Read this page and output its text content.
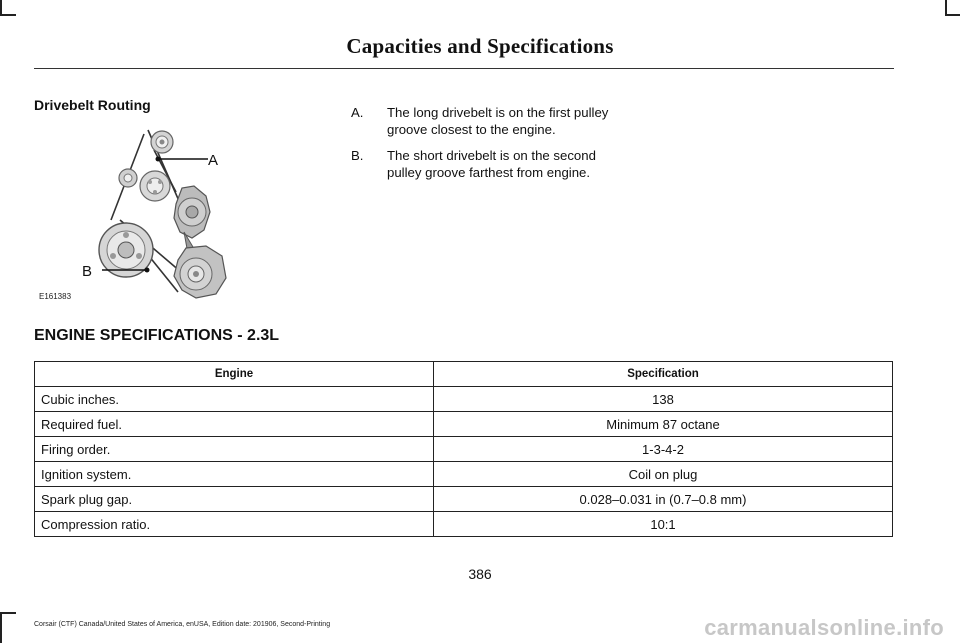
Capacities and Specifications
Drivebelt Routing
A
B
E161383
A.	The long drivebelt is on the first pulley groove closest to the engine.
B.	The short drivebelt is on the second pulley groove farthest from engine.
ENGINE SPECIFICATIONS - 2.3L
Engine	Specification
Cubic inches.	138
Required fuel.	Minimum 87 octane
Firing order.	1-3-4-2
Ignition system.	Coil on plug
Spark plug gap.	0.028–0.031 in (0.7–0.8 mm)
Compression ratio.	10:1
386
Corsair (CTF) Canada/United States of America, enUSA, Edition date: 201906, Second-Printing	carmanualsonline.info
